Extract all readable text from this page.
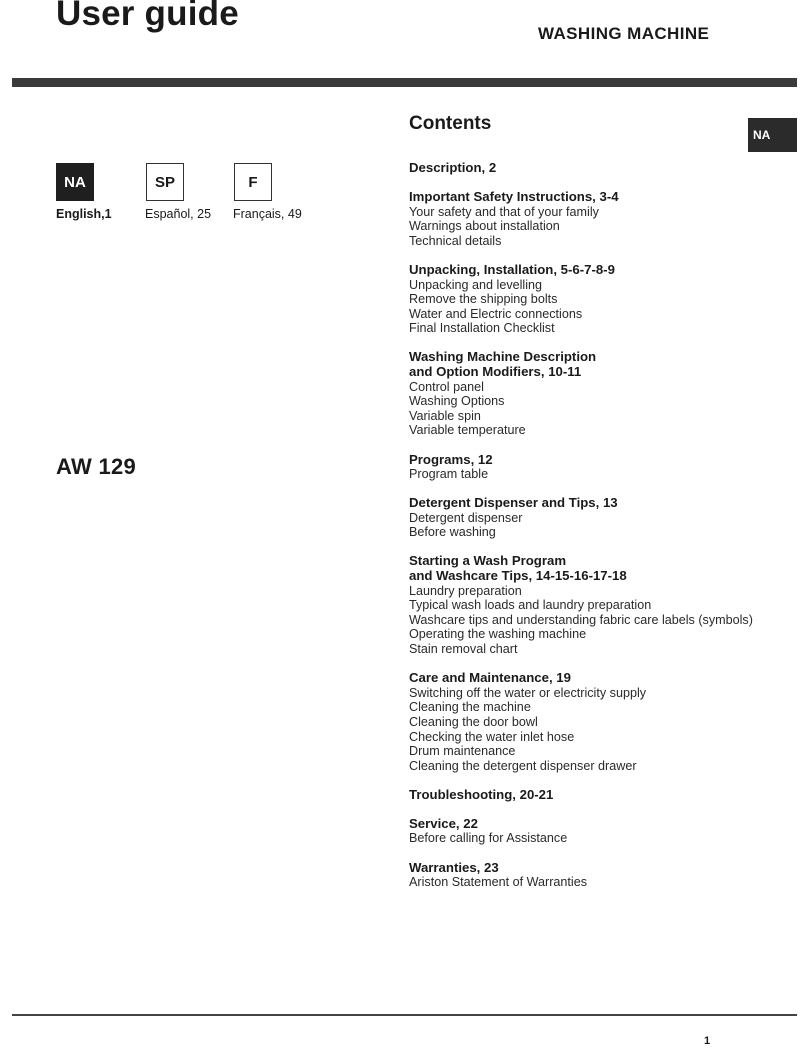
User guide
WASHING MACHINE
NA
NA	SP	F
English,1	Español, 25 Français, 49
AW 129
Contents
Description, 2
Important Safety Instructions, 3-4
Your safety and that of your family
Warnings about installation
Technical details
Unpacking, Installation, 5-6-7-8-9
Unpacking and levelling
Remove the shipping bolts
Water and Electric connections
Final Installation Checklist
Washing Machine Description
and Option Modifiers, 10-11
Control panel
Washing Options
Variable spin
Variable temperature
Programs, 12
Program table
Detergent Dispenser and Tips, 13
Detergent dispenser
Before washing
Starting a Wash Program
and Washcare Tips, 14-15-16-17-18
Laundry preparation
Typical wash loads and laundry preparation
Washcare tips and understanding fabric care labels (symbols)
Operating the washing machine
Stain removal chart
Care and Maintenance, 19
Switching off the water or electricity supply
Cleaning the machine
Cleaning the door bowl
Checking the water inlet hose
Drum maintenance
Cleaning the detergent dispenser drawer
Troubleshooting, 20-21
Service, 22
Before calling for Assistance
Warranties, 23
Ariston Statement of Warranties
1
